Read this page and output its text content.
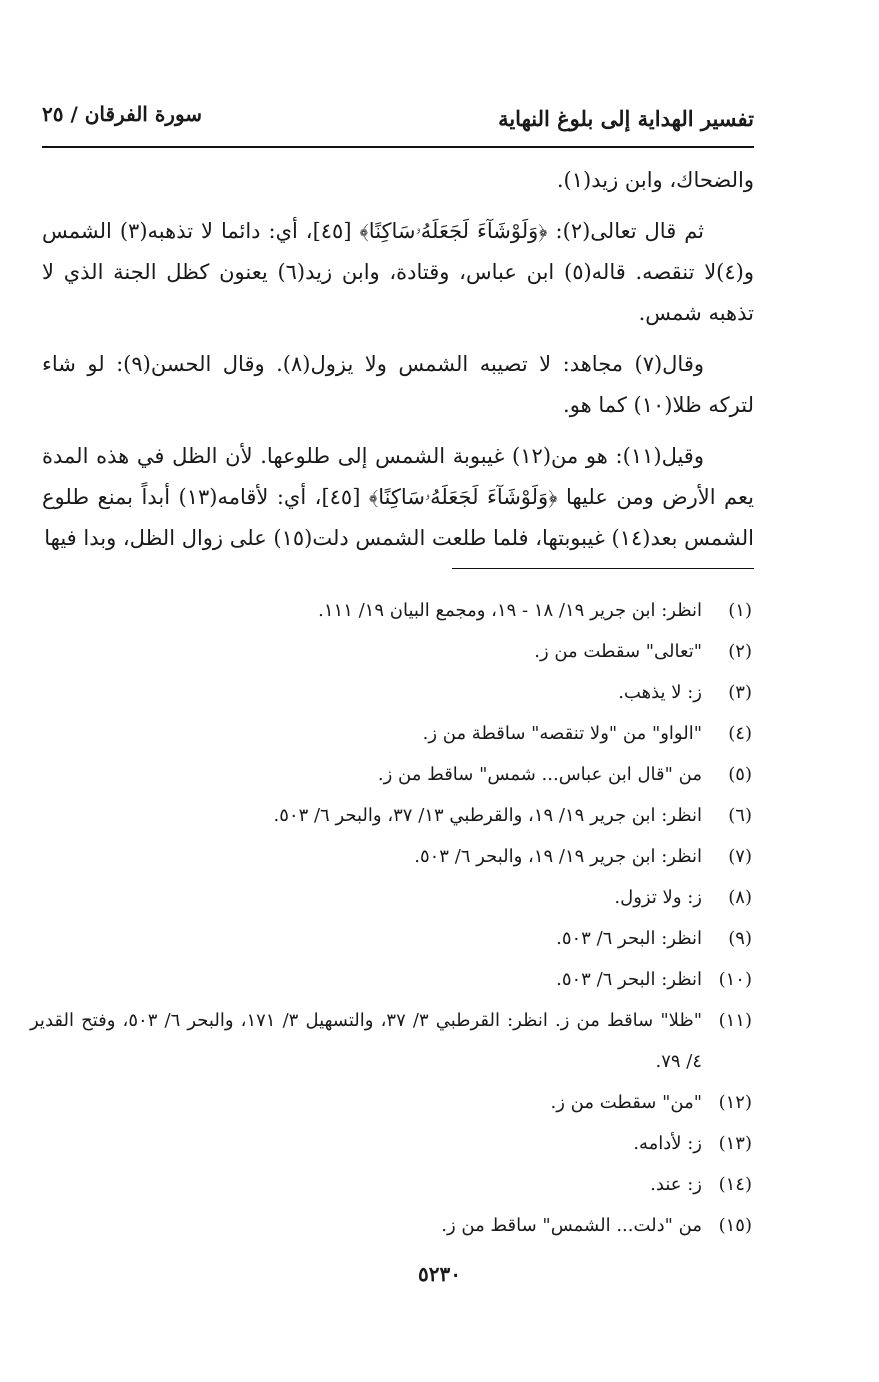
تفسير الهداية إلى بلوغ النهاية
سورة الفرقان / ٢٥

والضحاك، وابن زيد(١).

ثم قال تعالى(٢): ﴿وَلَوْشَآءَ لَجَعَلَهُۥسَاكِنًا﴾ [٤٥]، أي: دائما لا تذهبه(٣) الشمس و(٤)لا تنقصه. قاله(٥) ابن عباس، وقتادة، وابن زيد(٦) يعنون كظل الجنة الذي لا تذهبه شمس.

وقال(٧) مجاهد: لا تصيبه الشمس ولا يزول(٨). وقال الحسن(٩): لو شاء لتركه ظلا(١٠) كما هو.

وقيل(١١): هو من(١٢) غيبوبة الشمس إلى طلوعها. لأن الظل في هذه المدة يعم الأرض ومن عليها ﴿وَلَوْشَآءَ لَجَعَلَهُۥسَاكِنًا﴾ [٤٥]، أي: لأقامه(١٣) أبداً بمنع طلوع الشمس بعد(١٤) غيبوبتها، فلما طلعت الشمس دلت(١٥) على زوال الظل، وبدا فيها

(١)
انظر: ابن جرير ١٩/ ١٨ - ١٩، ومجمع البيان ١٩/ ١١١.
(٢)
"تعالى" سقطت من ز.
(٣)
ز: لا يذهب.
(٤)
"الواو" من "ولا تنقصه" ساقطة من ز.
(٥)
من "قال ابن عباس... شمس" ساقط من ز.
(٦)
انظر: ابن جرير ١٩/ ١٩، والقرطبي ١٣/ ٣٧، والبحر ٦/ ٥٠٣.
(٧)
انظر: ابن جرير ١٩/ ١٩، والبحر ٦/ ٥٠٣.
(٨)
ز: ولا تزول.
(٩)
انظر: البحر ٦/ ٥٠٣.
(١٠)
انظر: البحر ٦/ ٥٠٣.
(١١)
"ظلا" ساقط من ز. انظر: القرطبي ٣/ ٣٧، والتسهيل ٣/ ١٧١، والبحر ٦/ ٥٠٣، وفتح القدير ٤/ ٧٩.
(١٢)
"من" سقطت من ز.
(١٣)
ز: لأدامه.
(١٤)
ز: عند.
(١٥)
من "دلت... الشمس" ساقط من ز.
٥٢٣٠
